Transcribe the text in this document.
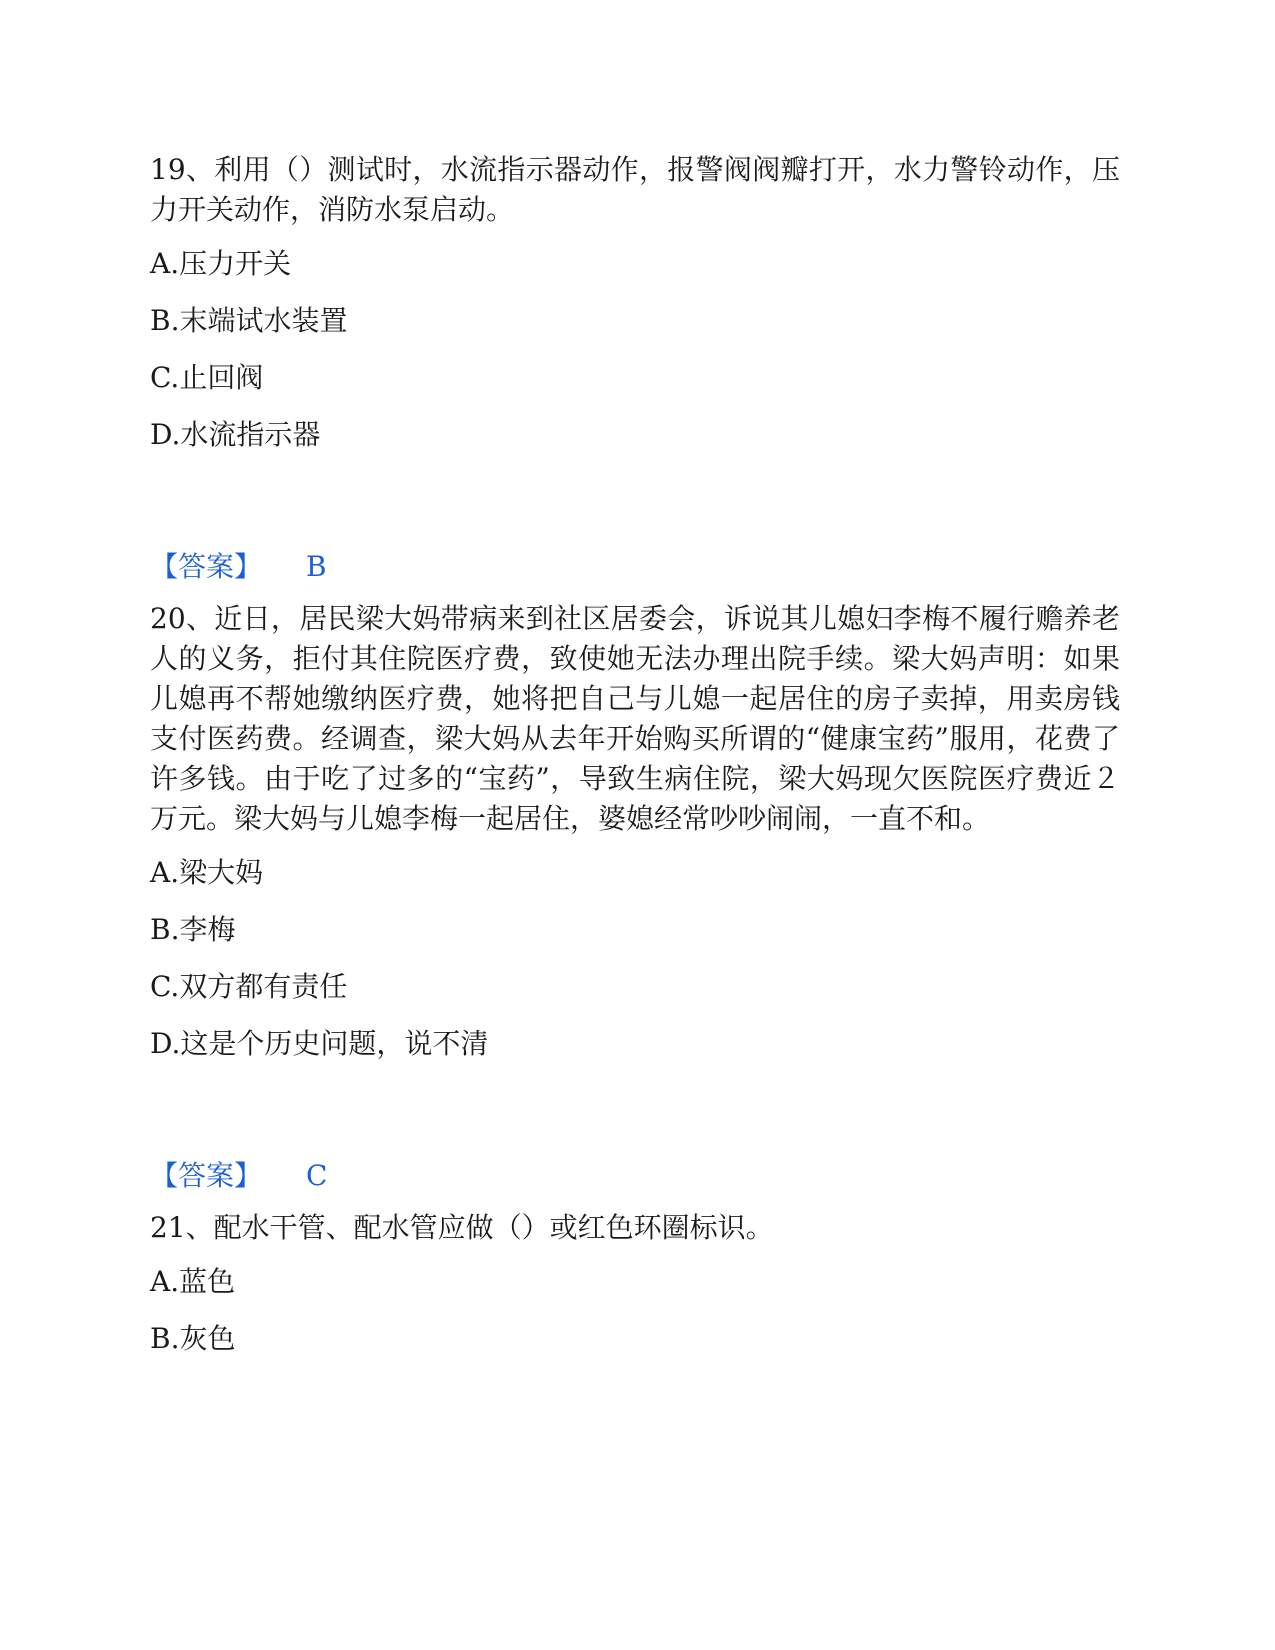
19、利用（）测试时，水流指示器动作，报警阀阀瓣打开，水力警铃动作，压力开关动作，消防水泵启动。

A.压力开关
B.末端试水装置
C.止回阀
D.水流指示器
【答案】 B

20、近日，居民梁大妈带病来到社区居委会，诉说其儿媳妇李梅不履行赡养老人的义务，拒付其住院医疗费，致使她无法办理出院手续。梁大妈声明：如果儿媳再不帮她缴纳医疗费，她将把自己与儿媳一起居住的房子卖掉，用卖房钱支付医药费。经调查，梁大妈从去年开始购买所谓的“健康宝药”服用，花费了许多钱。由于吃了过多的“宝药”，导致生病住院，梁大妈现欠医院医疗费近２万元。梁大妈与儿媳李梅一起居住，婆媳经常吵吵闹闹，一直不和。

A.梁大妈
B.李梅
C.双方都有责任
D.这是个历史问题，说不清
【答案】 C

21、配水干管、配水管应做（）或红色环圈标识。

A.蓝色
B.灰色
